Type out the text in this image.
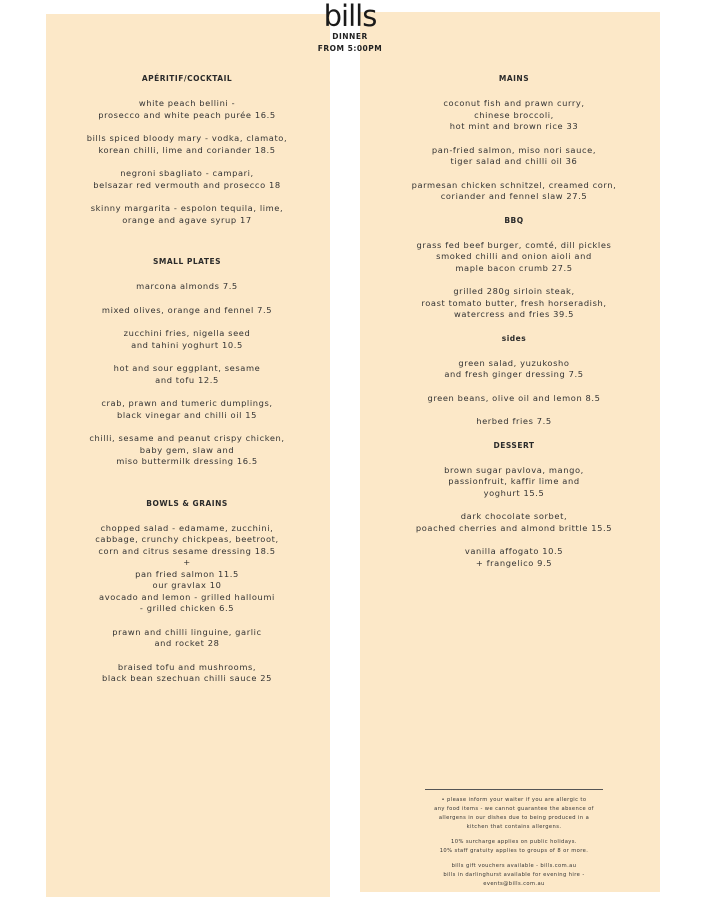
bills
DINNER
FROM 5:00PM
APÉRITIF/COCKTAIL
white peach bellini -
prosecco and white peach purée 16.5
bills spiced bloody mary - vodka, clamato,
korean chilli, lime and coriander 18.5
negroni sbagliato - campari,
belsazar red vermouth and prosecco 18
skinny margarita - espolon tequila, lime,
orange and agave syrup 17
SMALL PLATES
marcona almonds 7.5
mixed olives, orange and fennel 7.5
zucchini fries, nigella seed
and tahini yoghurt 10.5
hot and sour eggplant, sesame
and tofu 12.5
crab, prawn and tumeric dumplings,
black vinegar and chilli oil 15
chilli, sesame and peanut crispy chicken,
baby gem, slaw and
miso buttermilk dressing 16.5
BOWLS & GRAINS
chopped salad - edamame, zucchini,
cabbage, crunchy chickpeas, beetroot,
corn and citrus sesame dressing 18.5
+
pan fried salmon 11.5
our gravlax 10
avocado and lemon - grilled halloumi
- grilled chicken 6.5
prawn and chilli linguine, garlic
and rocket 28
braised tofu and mushrooms,
black bean szechuan chilli sauce 25
MAINS
coconut fish and prawn curry,
chinese broccoli,
hot mint and brown rice 33
pan-fried salmon, miso nori sauce,
tiger salad and chilli oil 36
parmesan chicken schnitzel, creamed corn,
coriander and fennel slaw 27.5
BBQ
grass fed beef burger, comté, dill pickles
smoked chilli and onion aioli and
maple bacon crumb 27.5
grilled 280g sirloin steak,
roast tomato butter, fresh horseradish,
watercress and fries 39.5
sides
green salad, yuzukosho
and fresh ginger dressing 7.5
green beans, olive oil and lemon 8.5
herbed fries 7.5
DESSERT
brown sugar pavlova, mango,
passionfruit, kaffir lime and
yoghurt 15.5
dark chocolate sorbet,
poached cherries and almond brittle 15.5
vanilla affogato 10.5
+ frangelico 9.5
• please inform your waiter if you are allergic to
any food items - we cannot guarantee the absence of
allergens in our dishes due to being produced in a
kitchen that contains allergens.
10% surcharge applies on public holidays.
10% staff gratuity applies to groups of 8 or more.
bills gift vouchers available - bills.com.au
bills in darlinghurst available for evening hire -
events@bills.com.au
